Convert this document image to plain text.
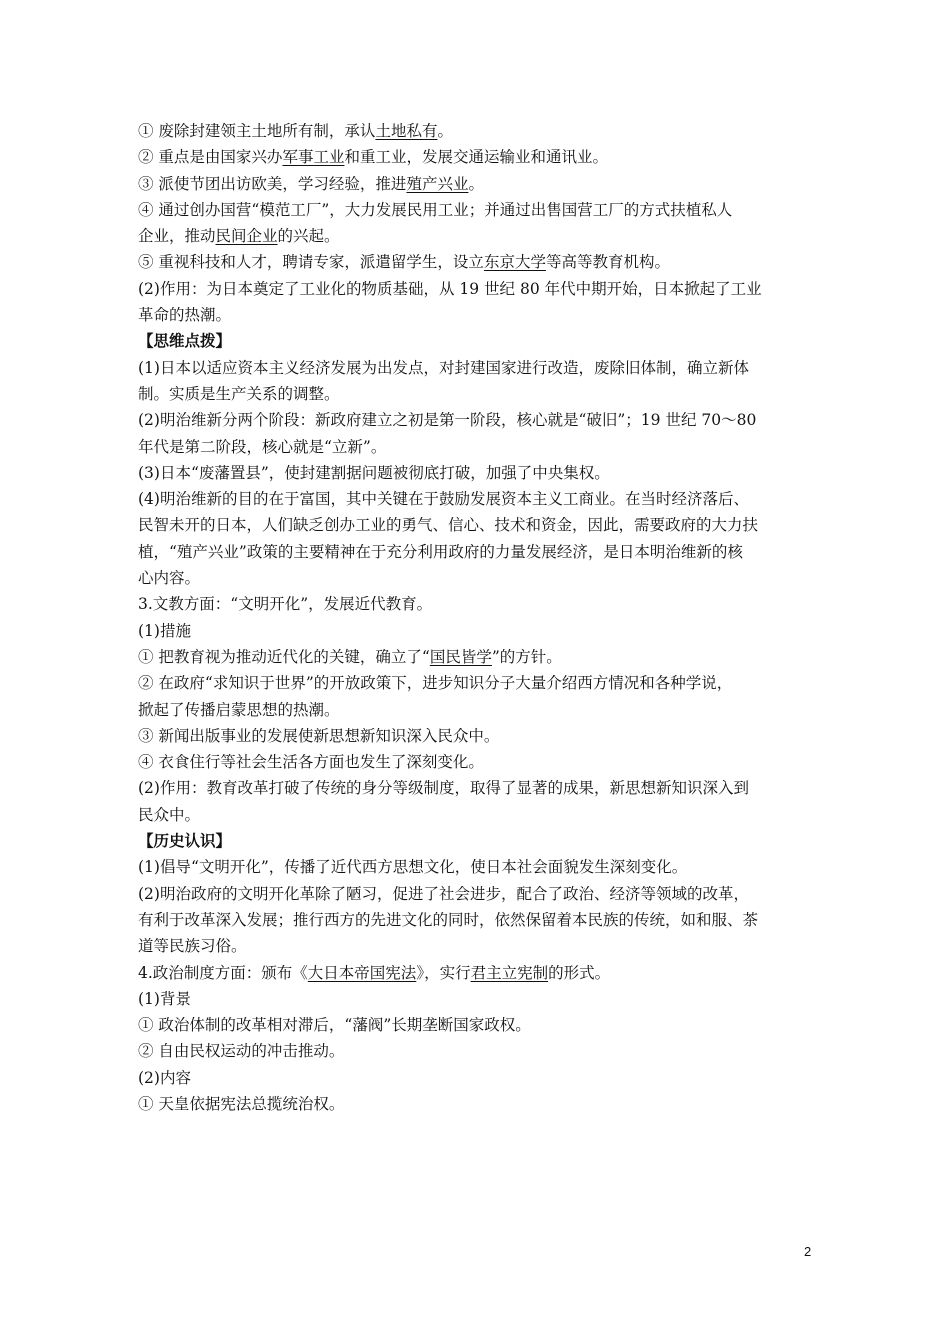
① 废除封建领主土地所有制，承认土地私有。
② 重点是由国家兴办军事工业和重工业，发展交通运输业和通讯业。
③ 派使节团出访欧美，学习经验，推进殖产兴业。
④ 通过创办国营“模范工厂”，大力发展民用工业；并通过出售国营工厂的方式扶植私人
企业，推动民间企业的兴起。
⑤ 重视科技和人才，聘请专家，派遣留学生，设立东京大学等高等教育机构。
(2)作用：为日本奠定了工业化的物质基础，从 19 世纪 80 年代中期开始，日本掀起了工业
革命的热潮。
【思维点拨】
(1)日本以适应资本主义经济发展为出发点，对封建国家进行改造，废除旧体制，确立新体
制。实质是生产关系的调整。
(2)明治维新分两个阶段：新政府建立之初是第一阶段，核心就是“破旧”；19 世纪 70～80
年代是第二阶段，核心就是“立新”。
(3)日本“废藩置县”，使封建割据问题被彻底打破，加强了中央集权。
(4)明治维新的目的在于富国，其中关键在于鼓励发展资本主义工商业。在当时经济落后、
民智未开的日本，人们缺乏创办工业的勇气、信心、技术和资金，因此，需要政府的大力扶
植，“殖产兴业”政策的主要精神在于充分利用政府的力量发展经济，是日本明治维新的核
心内容。
3.文教方面：“文明开化”，发展近代教育。
(1)措施
① 把教育视为推动近代化的关键，确立了“国民皆学”的方针。
② 在政府“求知识于世界”的开放政策下，进步知识分子大量介绍西方情况和各种学说，
掀起了传播启蒙思想的热潮。
③ 新闻出版事业的发展使新思想新知识深入民众中。
④ 衣食住行等社会生活各方面也发生了深刻变化。
(2)作用：教育改革打破了传统的身分等级制度，取得了显著的成果，新思想新知识深入到
民众中。
【历史认识】
(1)倡导“文明开化”，传播了近代西方思想文化，使日本社会面貌发生深刻变化。
(2)明治政府的文明开化革除了陋习，促进了社会进步，配合了政治、经济等领域的改革，
有利于改革深入发展；推行西方的先进文化的同时，依然保留着本民族的传统，如和服、茶
道等民族习俗。
4.政治制度方面：颁布《大日本帝国宪法》，实行君主立宪制的形式。
(1)背景
① 政治体制的改革相对滞后，“藩阀”长期垄断国家政权。
② 自由民权运动的冲击推动。
(2)内容
① 天皇依据宪法总揽统治权。
2
